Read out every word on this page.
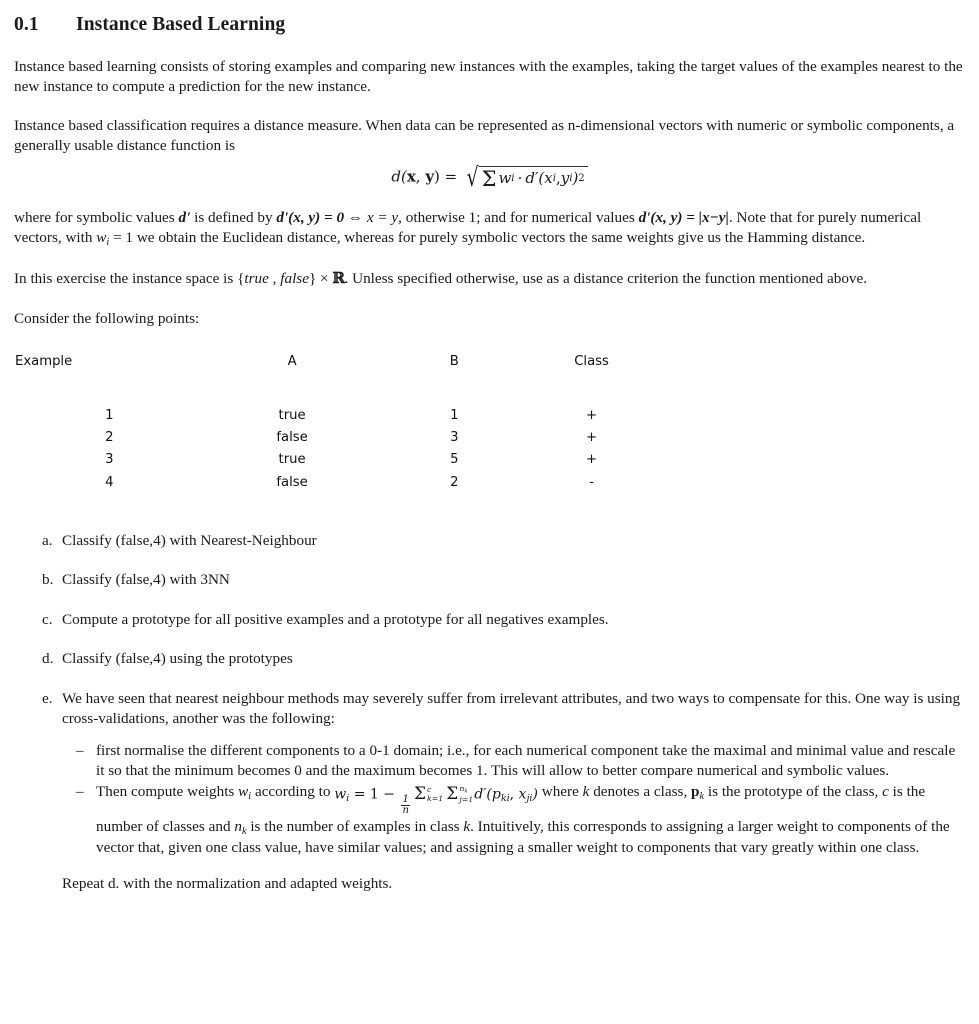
0.1	Instance Based Learning

Instance based learning consists of storing examples and comparing new instances with the examples, taking the target values of the examples nearest to the new instance to compute a prediction for the new instance.

Instance based classification requires a distance measure. When data can be represented as n-dimensional vectors with numeric or symbolic components, a generally usable distance function is

d(x, y) = √ Σ w i · d′( x i , y i ) 2

where for symbolic values d' is defined by d'(x, y) = 0 ⇔ x = y, otherwise 1; and for numerical values d'(x, y) = |x−y|. Note that for purely numerical vectors, with $w_i = 1$ we obtain the Euclidean distance, whereas for purely symbolic vectors the same weights give us the Hamming distance.

In this exercise the instance space is {true , false} × ℝ. Unless specified otherwise, use as a distance criterion the function mentioned above.

Consider the following points:

Example	A	B	Class
1	true	1	+
2	false	3	+
3	true	5	+
4	false	2	-
a. Classify (false,4) with Nearest-Neighbour
b. Classify (false,4) with 3NN
c. Compute a prototype for all positive examples and a prototype for all negatives examples.
d. Classify (false,4) using the prototypes
e. We have seen that nearest neighbour methods may severely suffer from irrelevant attributes, and two ways to compensate for this. One way is using cross-validations, another was the following:
– first normalise the different components to a 0-1 domain; i.e., for each numerical component take the maximal and minimal value and rescale it so that the minimum becomes 0 and the maximum becomes 1. This will allow to better compare numerical and symbolic values.
– Then compute weights $w_i$ according to $w_i = 1$ −
$\frac{1}{n}$
Σ c
k=1 Σ $n_k$
j=1 $d'(p_{ki}$, $x_{ji}$) where k denotes a class, $p_k$ is the prototype of the class, c is the number of classes and $n_k$ is the number of examples in class k. Intuitively, this corresponds to assigning a larger weight to components of the vector that, given one class value, have similar values; and assigning a smaller weight to components that vary greatly within one class.

Repeat d. with the normalization and adapted weights.
